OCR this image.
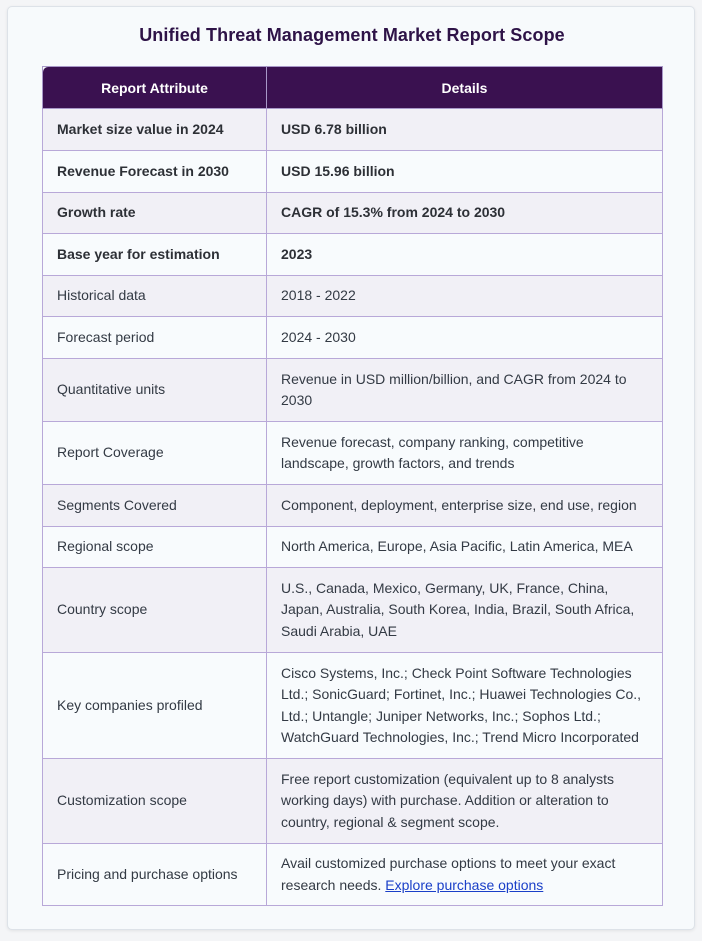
Unified Threat Management Market Report Scope
Report Attribute	Details
Market size value in 2024	USD 6.78 billion
Revenue Forecast in 2030	USD 15.96 billion
Growth rate	CAGR of 15.3% from 2024 to 2030
Base year for estimation	2023
Historical data	2018 - 2022
Forecast period	2024 - 2030
Quantitative units	Revenue in USD million/billion, and CAGR from 2024 to 2030
Report Coverage	Revenue forecast, company ranking, competitive landscape, growth factors, and trends
Segments Covered	Component, deployment, enterprise size, end use, region
Regional scope	North America, Europe, Asia Pacific, Latin America, MEA
Country scope	U.S., Canada, Mexico, Germany, UK, France, China, Japan, Australia, South Korea, India, Brazil, South Africa, Saudi Arabia, UAE
Key companies profiled	Cisco Systems, Inc.; Check Point Software Technologies Ltd.; SonicGuard; Fortinet, Inc.; Huawei Technologies Co., Ltd.; Untangle; Juniper Networks, Inc.; Sophos Ltd.; WatchGuard Technologies, Inc.; Trend Micro Incorporated
Customization scope	Free report customization (equivalent up to 8 analysts working days) with purchase. Addition or alteration to country, regional & segment scope.
Pricing and purchase options	Avail customized purchase options to meet your exact research needs. Explore purchase options
